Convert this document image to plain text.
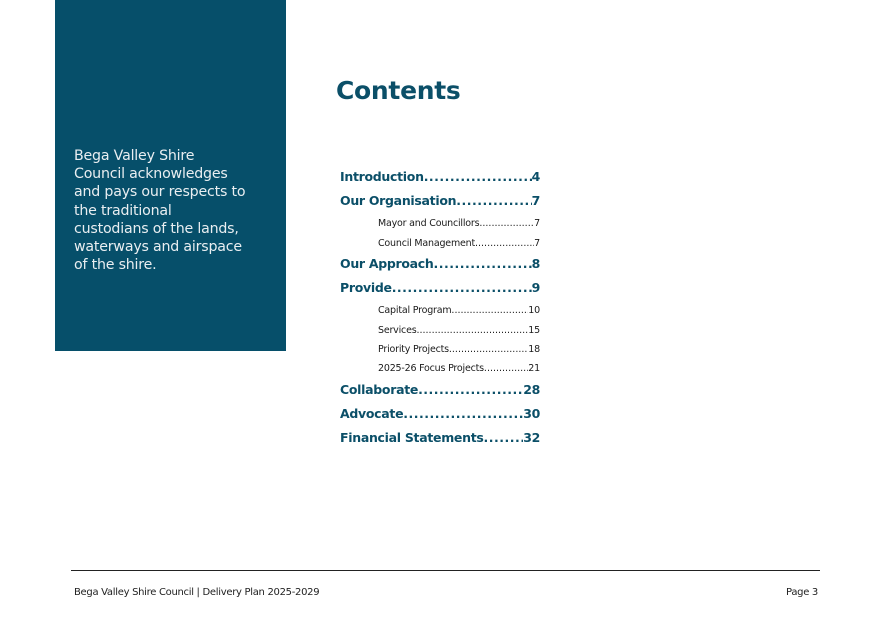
Bega Valley Shire
Council acknowledges
and pays our respects to
the traditional
custodians of the lands,
waterways and airspace
of the shire.
Contents
Introduction .....	4
Our Organisation .....	7
Mayor and Councillors .....	7
Council Management .....	7
Our Approach .....	8
Provide .....	9
Capital Program .....	10
Services .....	15
Priority Projects .....	18
2025-26 Focus Projects .....	21
Collaborate .....	28
Advocate .....	30
Financial Statements .....	32
Bega Valley Shire Council | Delivery Plan 2025-2029	Page 3
